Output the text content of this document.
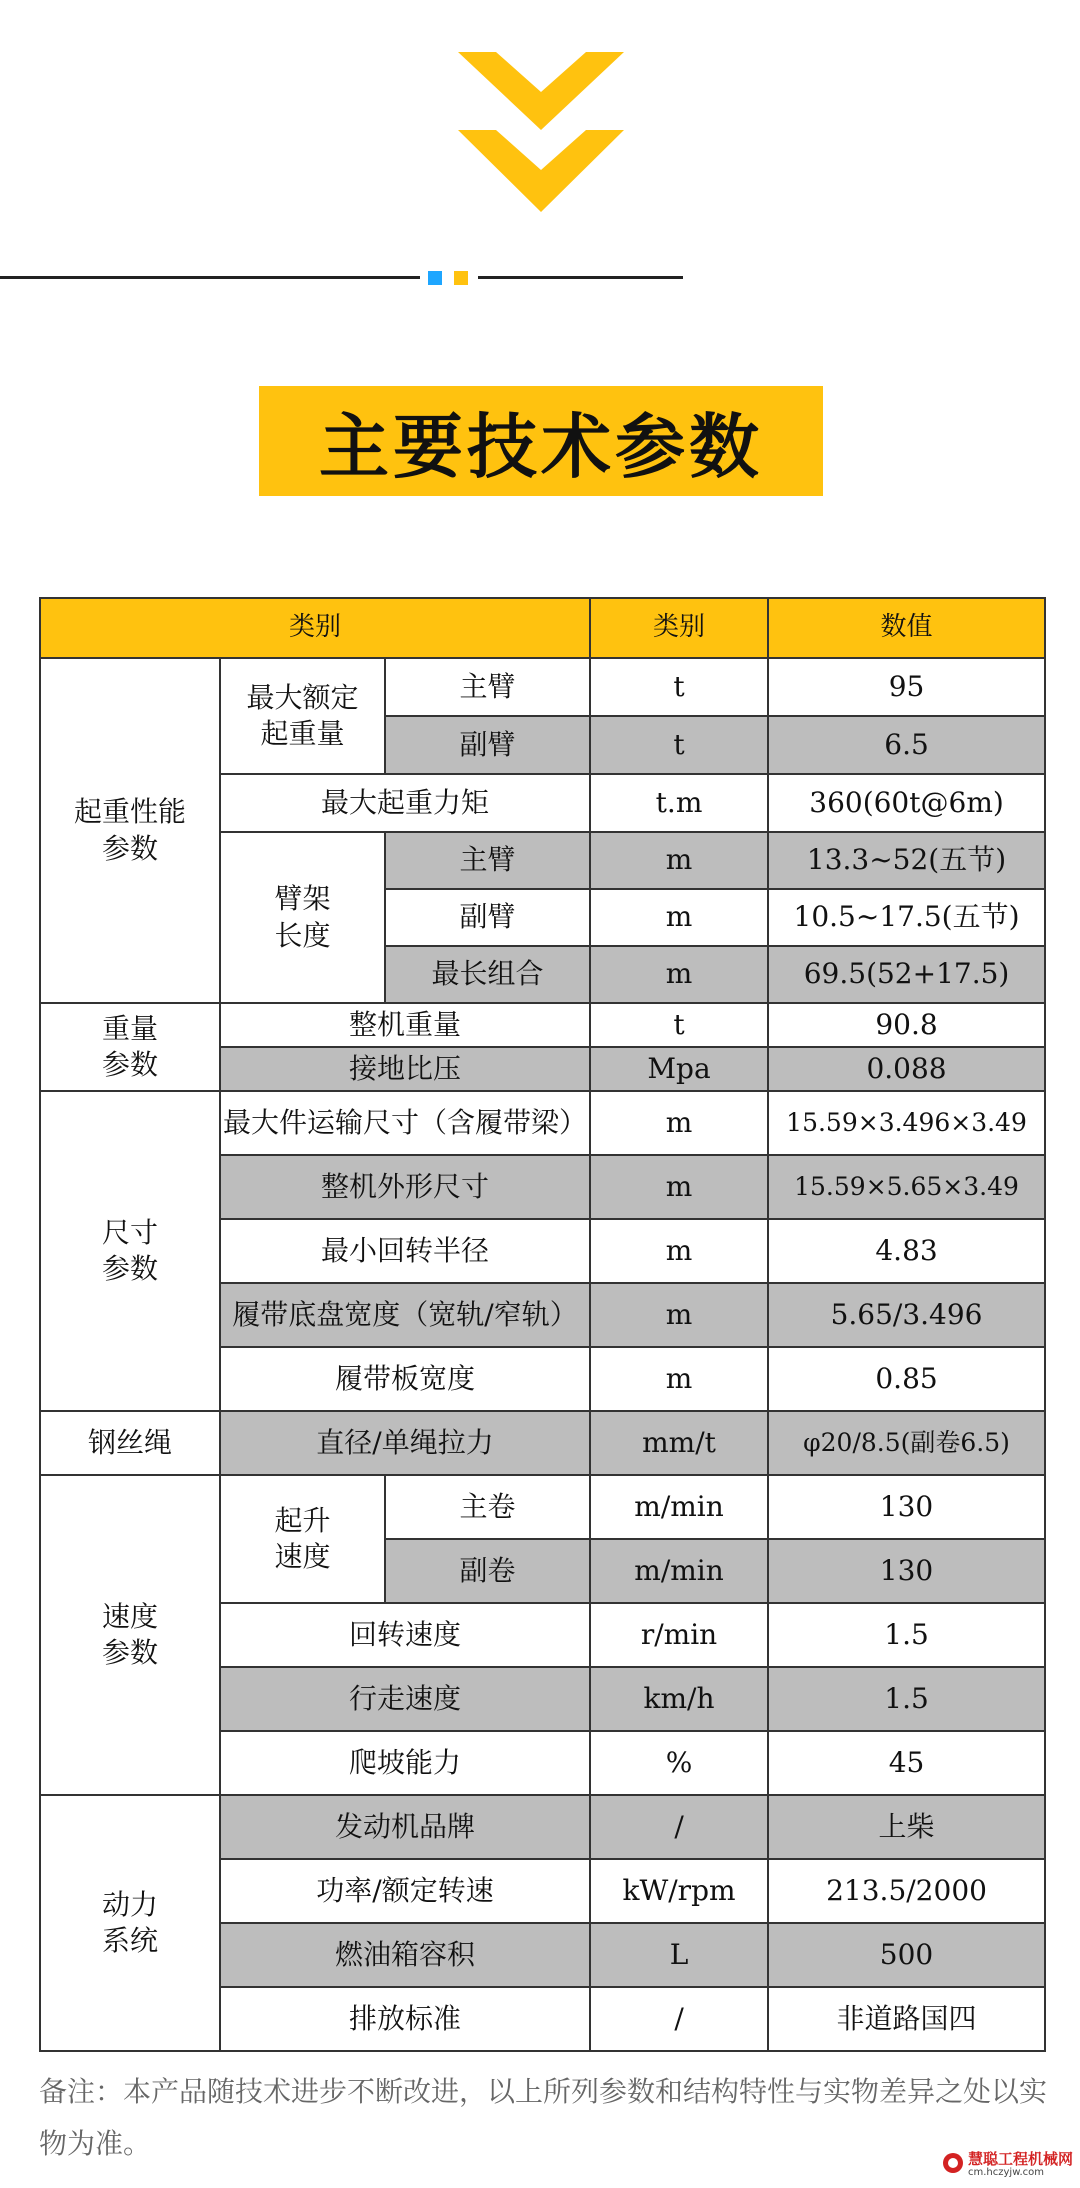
主要技术参数
类别			类别	数值
起重性能参数	最大额定起重量	主臂	t	95
		副臂	t	6.5
	最大起重力矩		t.m	360(60t@6m)
	臂架长度	主臂	m	13.3~52(五节)
		副臂	m	10.5~17.5(五节)
		最长组合	m	69.5(52+17.5)
重量参数	整机重量		t	90.8
	接地比压		Mpa	0.088
尺寸参数	最大件运输尺寸（含履带梁）		m	15.59×3.496×3.49
	整机外形尺寸		m	15.59×5.65×3.49
	最小回转半径		m	4.83
	履带底盘宽度（宽轨/窄轨）		m	5.65/3.496
	履带板宽度		m	0.85
钢丝绳	直径/单绳拉力		mm/t	φ20/8.5(副卷6.5)
速度参数	起升速度	主卷	m/min	130
		副卷	m/min	130
	回转速度		r/min	1.5
	行走速度		km/h	1.5
	爬坡能力		%	45
动力系统	发动机品牌		/	上柴
	功率/额定转速		kW/rpm	213.5/2000
	燃油箱容积		L	500
	排放标准		/	非道路国四
备注：本产品随技术进步不断改进，以上所列参数和结构特性与实物差异之处以实物为准。	慧聪工程机械网
cm.hczyjw.com
